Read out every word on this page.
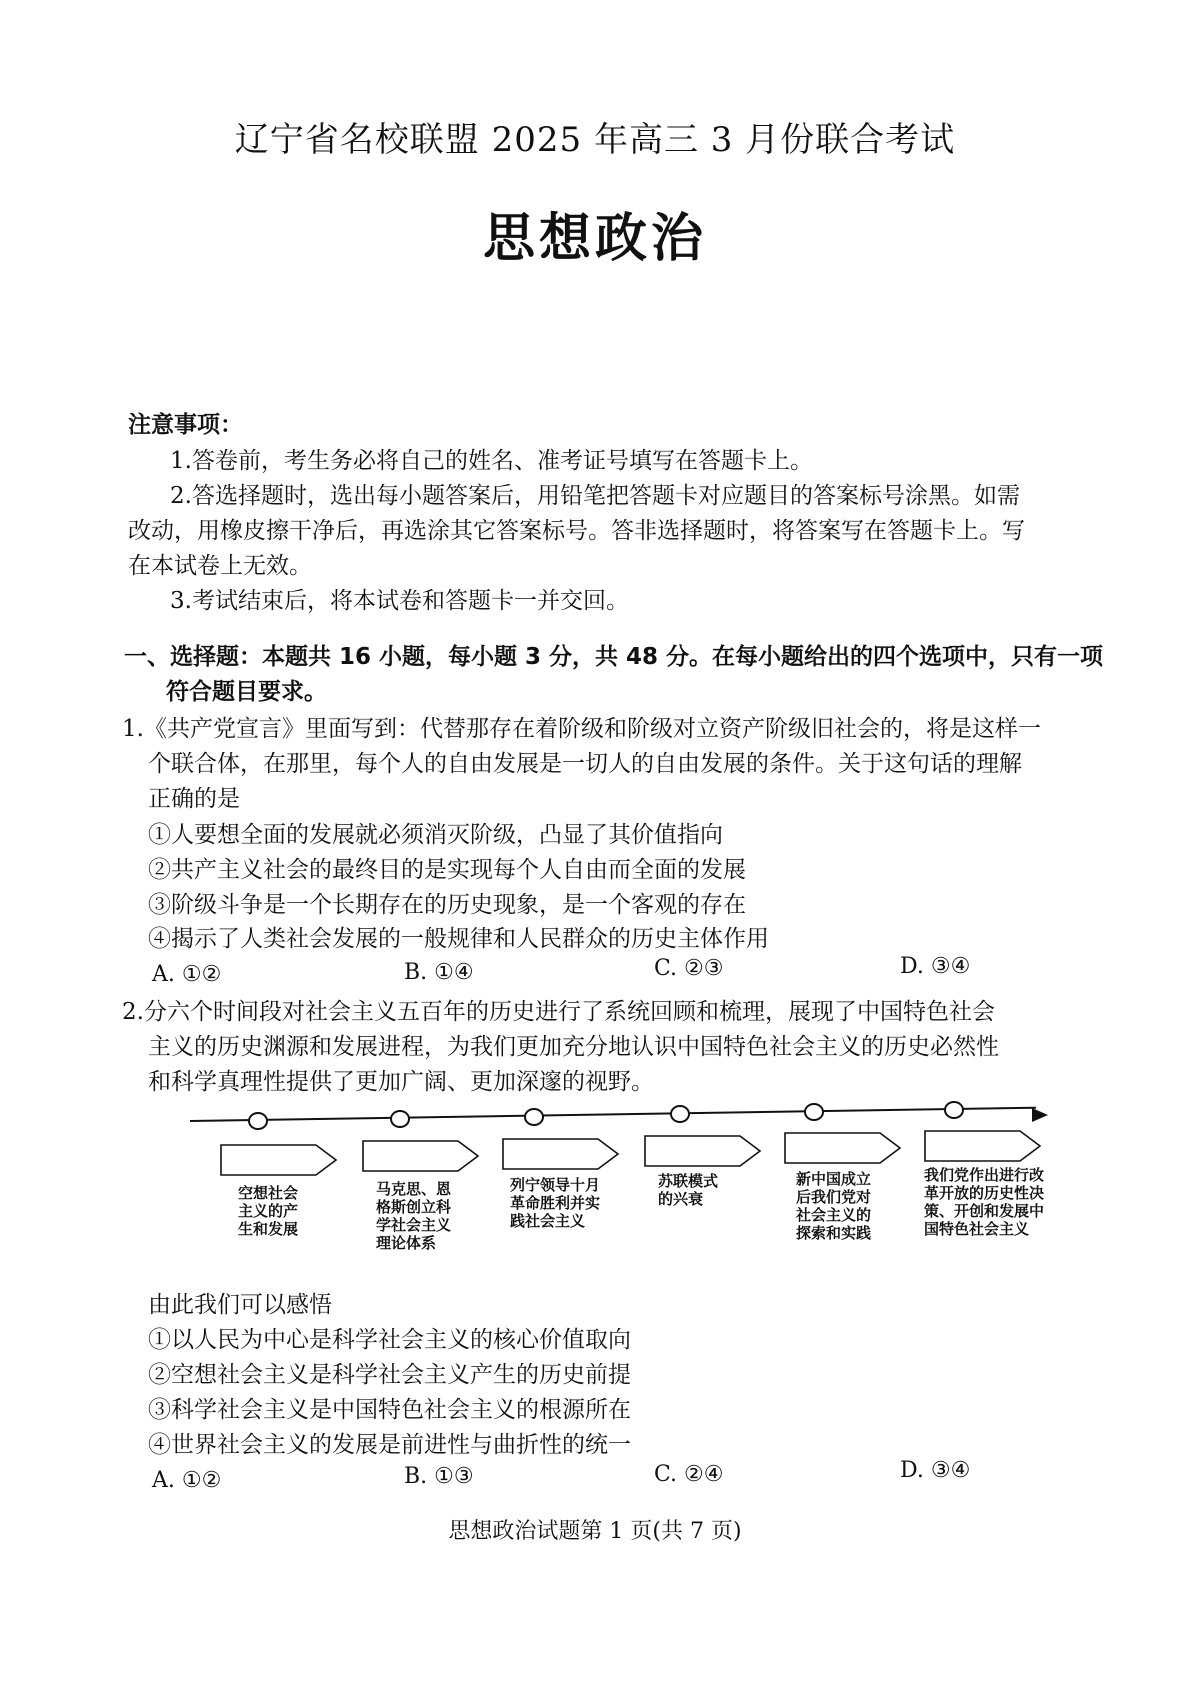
辽宁省名校联盟 2025 年高三 3 月份联合考试
思想政治
注意事项：
1.答卷前，考生务必将自己的姓名、准考证号填写在答题卡上。
2.答选择题时，选出每小题答案后，用铅笔把答题卡对应题目的答案标号涂黑。如需
改动，用橡皮擦干净后，再选涂其它答案标号。答非选择题时，将答案写在答题卡上。写
在本试卷上无效。
3.考试结束后，将本试卷和答题卡一并交回。
一、选择题：本题共 16 小题，每小题 3 分，共 48 分。在每小题给出的四个选项中，只有一项
符合题目要求。
1.《共产党宣言》里面写到：代替那存在着阶级和阶级对立资产阶级旧社会的，将是这样一
个联合体，在那里，每个人的自由发展是一切人的自由发展的条件。关于这句话的理解
正确的是
①人要想全面的发展就必须消灭阶级，凸显了其价值指向
②共产主义社会的最终目的是实现每个人自由而全面的发展
③阶级斗争是一个长期存在的历史现象，是一个客观的存在
④揭示了人类社会发展的一般规律和人民群众的历史主体作用
A. ①②	B. ①④	C. ②③	D. ③④
2.分六个时间段对社会主义五百年的历史进行了系统回顾和梳理，展现了中国特色社会
主义的历史渊源和发展进程，为我们更加充分地认识中国特色社会主义的历史必然性
和科学真理性提供了更加广阔、更加深邃的视野。
空想社会主义的产生和发展
马克思、恩格斯创立科学社会主义理论体系
列宁领导十月革命胜利并实践社会主义
苏联模式的兴衰
新中国成立后我们党对社会主义的探索和实践
我们党作出进行改革开放的历史性决策、开创和发展中国特色社会主义
由此我们可以感悟
①以人民为中心是科学社会主义的核心价值取向
②空想社会主义是科学社会主义产生的历史前提
③科学社会主义是中国特色社会主义的根源所在
④世界社会主义的发展是前进性与曲折性的统一
A. ①②	B. ①③	C. ②④	D. ③④
思想政治试题第 1 页(共 7 页)
